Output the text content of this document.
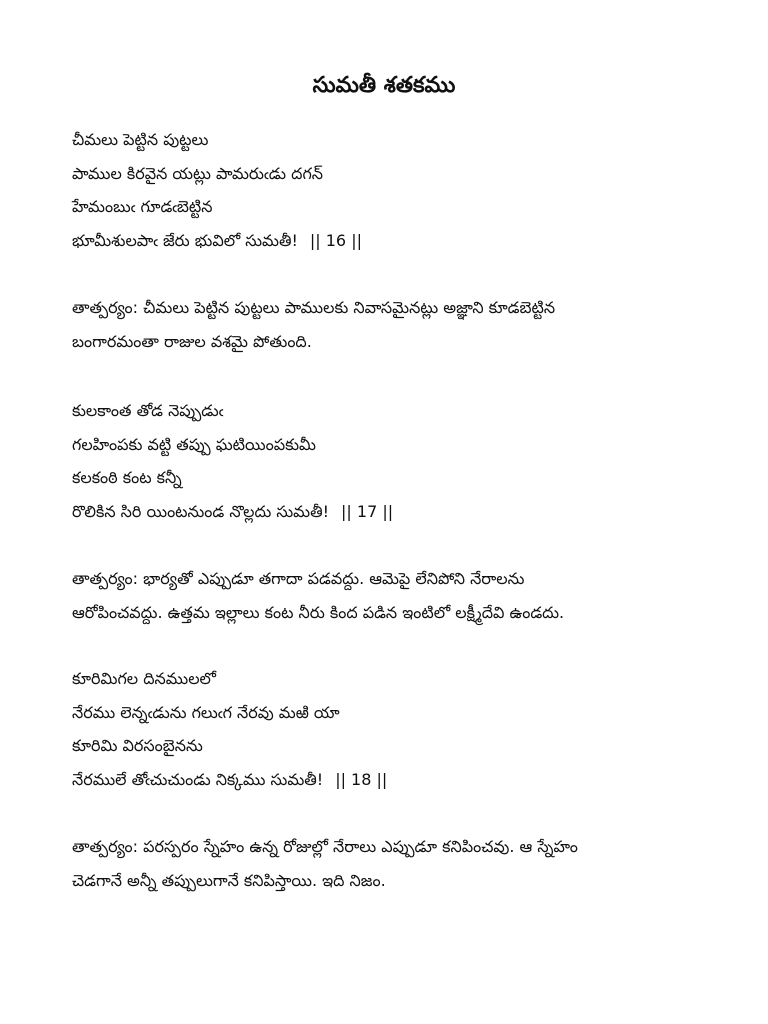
సుమతీ శతకము
చీమలు పెట్టిన పుట్టలు
పాముల కిరవైన యట్లు పామరుఁడు దగన్
హేమంబుఁ గూడఁబెట్టిన
భూమీశులపాఁ జేరు భువిలో సుమతీ! || 16 ||
తాత్పర్యం: చీమలు పెట్టిన పుట్టలు పాములకు నివాసమైనట్లు అజ్ఞాని కూడబెట్టిన
బంగారమంతా రాజుల వశమై పోతుంది.
కులకాంత తోడ నెప్పుడుఁ
గలహింపకు వట్టి తప్పు ఘటియింపకుమీ
కలకంఠి కంట కన్నీ
రొలికిన సిరి యింటనుండ నొల్లదు సుమతీ! || 17 ||
తాత్పర్యం: భార్యతో ఎప్పుడూ తగాదా పడవద్దు. ఆమెపై లేనిపోని నేరాలను
ఆరోపించవద్దు. ఉత్తమ ఇల్లాలు కంట నీరు కింద పడిన ఇంటిలో లక్ష్మీదేవి ఉండదు.
కూరిమిగల దినములలో
నేరము లెన్నఁడును గలుఁగ నేరవు మఱి యా
కూరిమి విరసంబైనను
నేరములే తోఁచుచుండు నిక్కము సుమతీ! || 18 ||
తాత్పర్యం: పరస్పరం స్నేహం ఉన్న రోజుల్లో నేరాలు ఎప్పుడూ కనిపించవు. ఆ స్నేహం
చెడగానే అన్నీ తప్పులుగానే కనిపిస్తాయి. ఇది నిజం.
